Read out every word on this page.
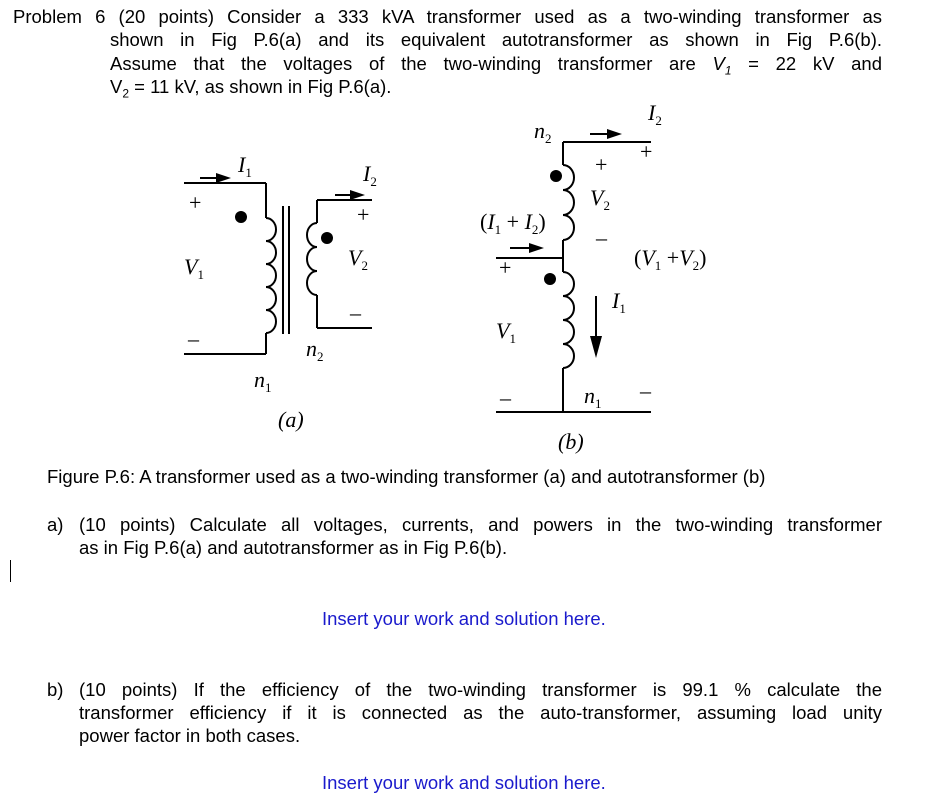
Problem 6 (20 points) Consider a 333 kVA transformer used as a two-winding transformer as
shown in Fig P.6(a) and its equivalent autotransformer as shown in Fig P.6(b).
Assume that the voltages of the two-winding transformer are $V_1 = 22$ kV and
$V_2 = 11$ kV, as shown in Fig P.6(a).
$I_1$	$I_2$
+
$V_1$
–
+
$V_2$
–
$n_2$
$n_1$
(a)
$n_2$
$I_2$
+
+
$V_2$
–
$(I_1 + I_2)$
$(V_1 +V_2)$
+
$I_1$
$V_1$
$n_1$
–	–
(b)
Figure P.6: A transformer used as a two-winding transformer (a) and autotransformer (b)
a) (10 points) Calculate all voltages, currents, and powers in the two-winding transformer
as in Fig P.6(a) and autotransformer as in Fig P.6(b).
Insert your work and solution here.
b) (10 points) If the efficiency of the two-winding transformer is 99.1 % calculate the
transformer efficiency if it is connected as the auto-transformer, assuming load unity
power factor in both cases.
Insert your work and solution here.
